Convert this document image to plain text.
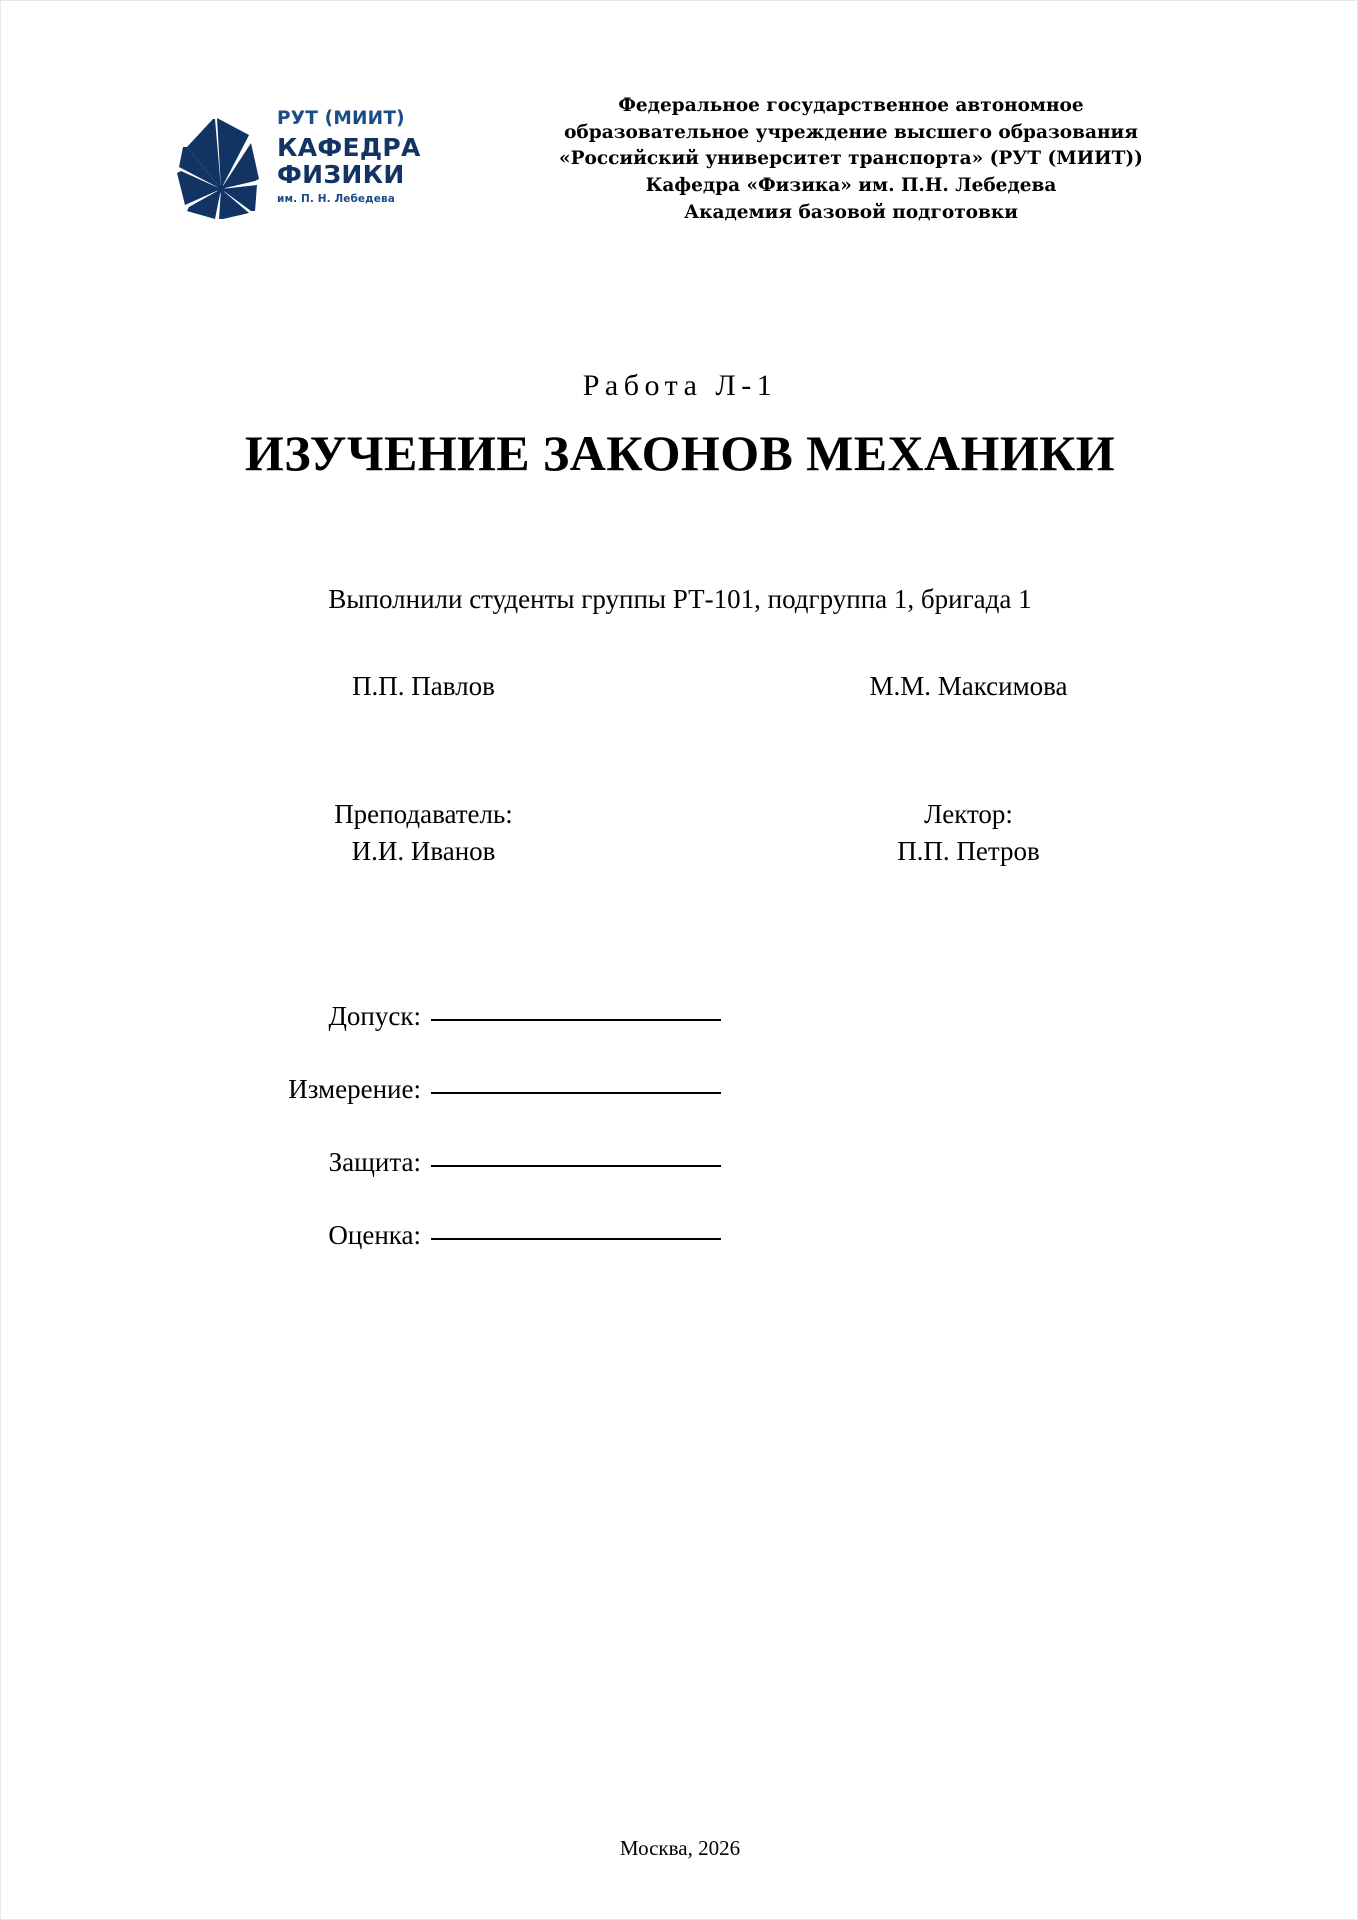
РУТ (МИИТ)

КАФЕДРА

ФИЗИКИ

им. П. Н. Лебедева

Федеральное государственное автономное
образовательное учреждение высшего образования
«Российский университет транспорта» (РУТ (МИИТ))
Кафедра «Физика» им. П.Н. Лебедева
Академия базовой подготовки
Работа Л-1
ИЗУЧЕНИЕ ЗАКОНОВ МЕХАНИКИ
Выполнили студенты группы РТ-101, подгруппа 1, бригада 1
П.П. Павлов	М.М. Максимова
Преподаватель:
И.И. Иванов
Лектор:
П.П. Петров
Допуск:
Измерение:
Защита:
Оценка:
Москва, 2026
